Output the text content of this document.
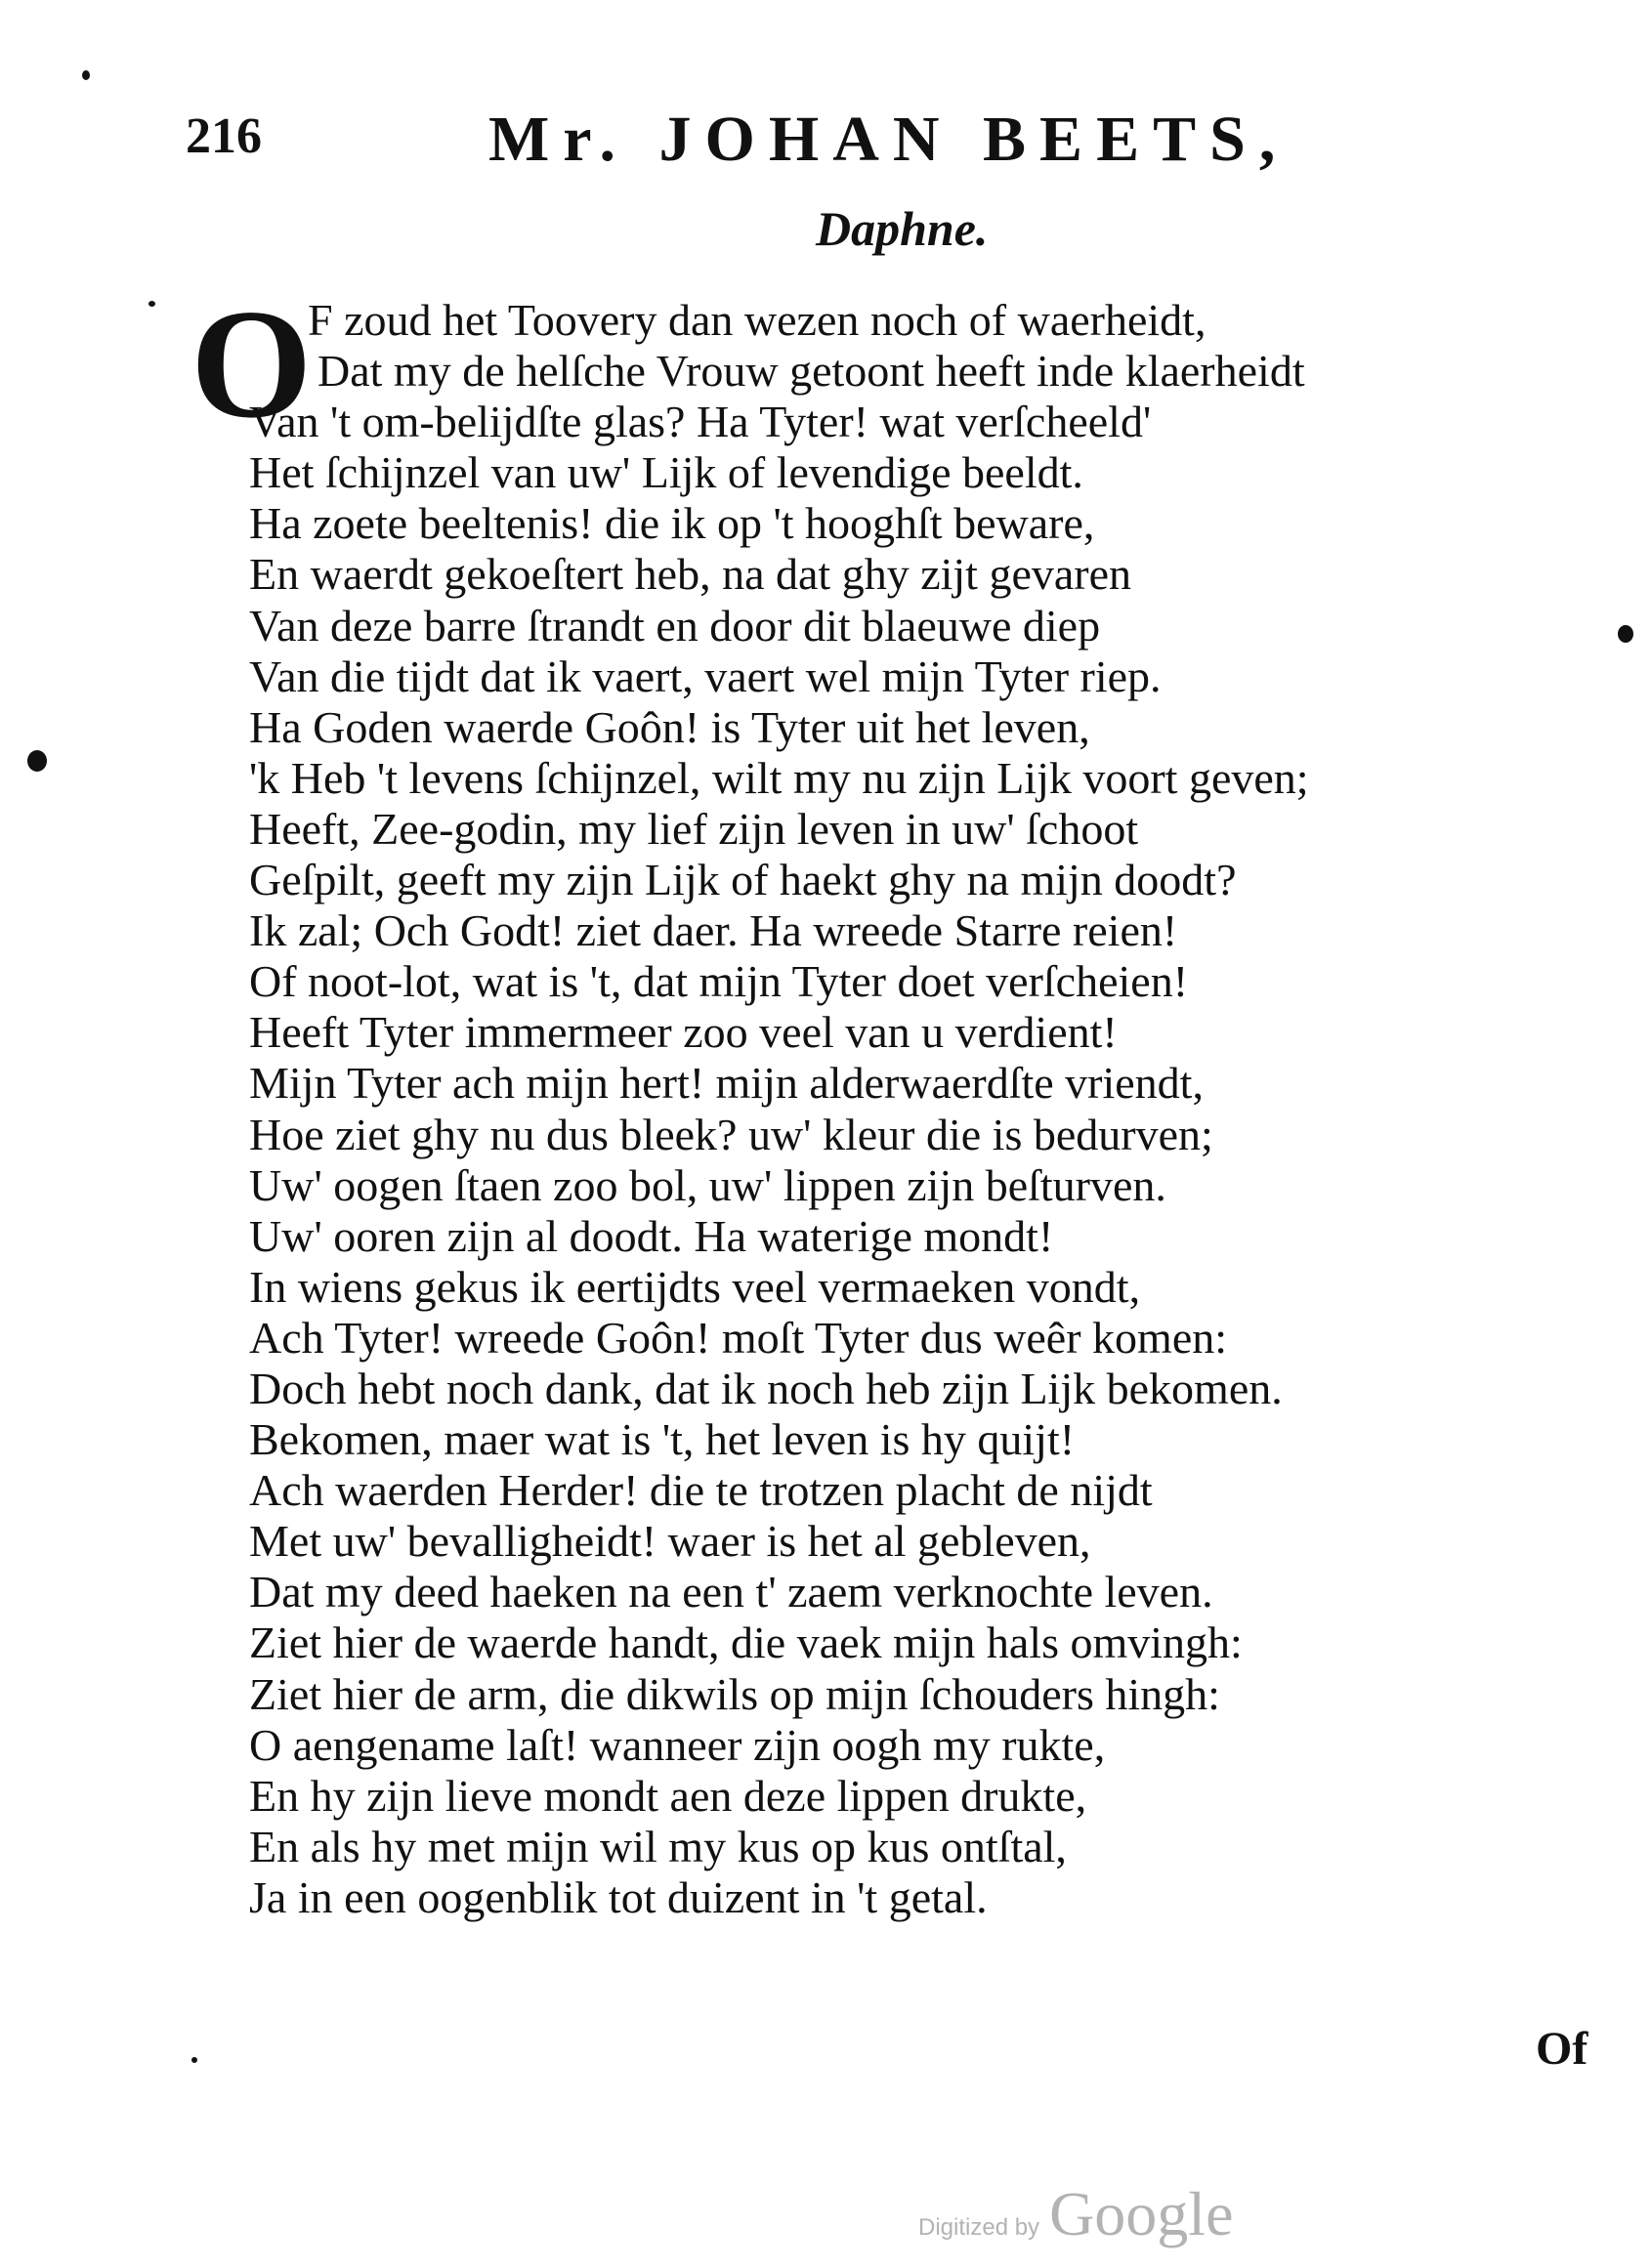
216	Mr. JOHAN BEETS,
Daphne.
O
F zoud het Toovery dan wezen noch of waerheidt,
Dat my de helſche Vrouw getoont heeft inde klaerheidt
Van 't om-belijdſte glas? Ha Tyter! wat verſcheeld'
Het ſchijnzel van uw' Lijk of levendige beeldt.
Ha zoete beeltenis! die ik op 't hooghſt beware,
En waerdt gekoeſtert heb, na dat ghy zijt gevaren
Van deze barre ſtrandt en door dit blaeuwe diep
Van die tijdt dat ik vaert, vaert wel mijn Tyter riep.
Ha Goden waerde Goôn! is Tyter uit het leven,
'k Heb 't levens ſchijnzel, wilt my nu zijn Lijk voort geven;
Heeft, Zee-godin, my lief zijn leven in uw' ſchoot
Geſpilt, geeft my zijn Lijk of haekt ghy na mijn doodt?
Ik zal; Och Godt! ziet daer. Ha wreede Starre reien!
Of noot-lot, wat is 't, dat mijn Tyter doet verſcheien!
Heeft Tyter immermeer zoo veel van u verdient!
Mijn Tyter ach mijn hert! mijn alderwaerdſte vriendt,
Hoe ziet ghy nu dus bleek? uw' kleur die is bedurven;
Uw' oogen ſtaen zoo bol, uw' lippen zijn beſturven.
Uw' ooren zijn al doodt. Ha waterige mondt!
In wiens gekus ik eertijdts veel vermaeken vondt,
Ach Tyter! wreede Goôn! moſt Tyter dus weêr komen:
Doch hebt noch dank, dat ik noch heb zijn Lijk bekomen.
Bekomen, maer wat is 't, het leven is hy quijt!
Ach waerden Herder! die te trotzen placht de nijdt
Met uw' bevalligheidt! waer is het al gebleven,
Dat my deed haeken na een t' zaem verknochte leven.
Ziet hier de waerde handt, die vaek mijn hals omvingh:
Ziet hier de arm, die dikwils op mijn ſchouders hingh:
O aengename laſt! wanneer zijn oogh my rukte,
En hy zijn lieve mondt aen deze lippen drukte,
En als hy met mijn wil my kus op kus ontſtal,
Ja in een oogenblik tot duizent in 't getal.
Of
Digitized by Google
